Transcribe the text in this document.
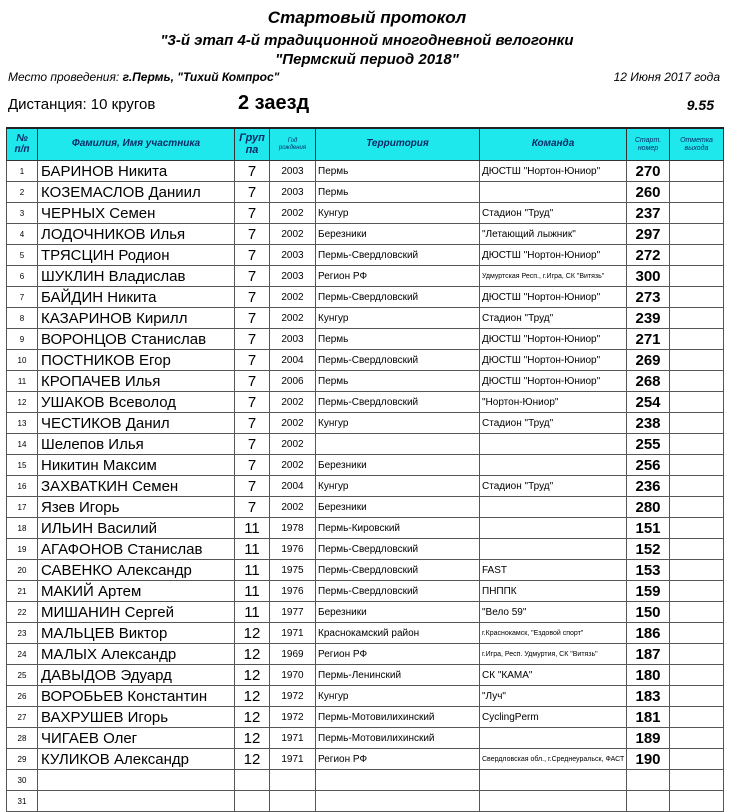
Стартовый протокол
"3-й этап 4-й традиционной многодневной велогонки
"Пермский период 2018"
Место проведения: г.Пермь, "Тихий Компрос"	12 Июня 2017 года
Дистанция: 10 кругов	2 заезд	9.55
№
п/п	Фамилия, Имя участника	Груп
па	Год
рождения	Территория	Команда	Старт.
номер	Отметка
выхода
1	БАРИНОВ Никита	7	2003	Пермь	ДЮСТШ "Нортон-Юниор"	270	
2	КОЗЕМАСЛОВ Даниил	7	2003	Пермь		260	
3	ЧЕРНЫХ Семен	7	2002	Кунгур	Стадион "Труд"	237	
4	ЛОДОЧНИКОВ Илья	7	2002	Березники	"Летающий лыжник"	297	
5	ТРЯСЦИН Родион	7	2003	Пермь-Свердловский	ДЮСТШ "Нортон-Юниор"	272	
6	ШУКЛИН Владислав	7	2003	Регион РФ	Удмуртская Респ., г.Игра, СК "Витязь"	300	
7	БАЙДИН Никита	7	2002	Пермь-Свердловский	ДЮСТШ "Нортон-Юниор"	273	
8	КАЗАРИНОВ Кирилл	7	2002	Кунгур	Стадион "Труд"	239	
9	ВОРОНЦОВ Станислав	7	2003	Пермь	ДЮСТШ "Нортон-Юниор"	271	
10	ПОСТНИКОВ Егор	7	2004	Пермь-Свердловский	ДЮСТШ "Нортон-Юниор"	269	
11	КРОПАЧЕВ Илья	7	2006	Пермь	ДЮСТШ "Нортон-Юниор"	268	
12	УШАКОВ Всеволод	7	2002	Пермь-Свердловский	"Нортон-Юниор"	254	
13	ЧЕСТИКОВ Данил	7	2002	Кунгур	Стадион "Труд"	238	
14	Шелепов Илья	7	2002			255	
15	Никитин Максим	7	2002	Березники		256	
16	ЗАХВАТКИН Семен	7	2004	Кунгур	Стадион "Труд"	236	
17	Язев Игорь	7	2002	Березники		280	
18	ИЛЬИН Василий	11	1978	Пермь-Кировский		151	
19	АГАФОНОВ Станислав	11	1976	Пермь-Свердловский		152	
20	САВЕНКО Александр	11	1975	Пермь-Свердловский	FAST	153	
21	МАКИЙ Артем	11	1976	Пермь-Свердловский	ПНППК	159	
22	МИШАНИН Сергей	11	1977	Березники	"Вело 59"	150	
23	МАЛЬЦЕВ Виктор	12	1971	Краснокамский район	г.Краснокамск, "Ездовой спорт"	186	
24	МАЛЫХ Александр	12	1969	Регион РФ	г.Игра, Респ. Удмуртия, СК "Витязь"	187	
25	ДАВЫДОВ Эдуард	12	1970	Пермь-Ленинский	СК "КАМА"	180	
26	ВОРОБЬЕВ Константин	12	1972	Кунгур	"Луч"	183	
27	ВАХРУШЕВ Игорь	12	1972	Пермь-Мотовилихинский	CyclingPerm	181	
28	ЧИГАЕВ Олег	12	1971	Пермь-Мотовилихинский		189	
29	КУЛИКОВ Александр	12	1971	Регион РФ	Свердловская обл., г.Среднеуральск, ФАСТ	190	
30							
31							
